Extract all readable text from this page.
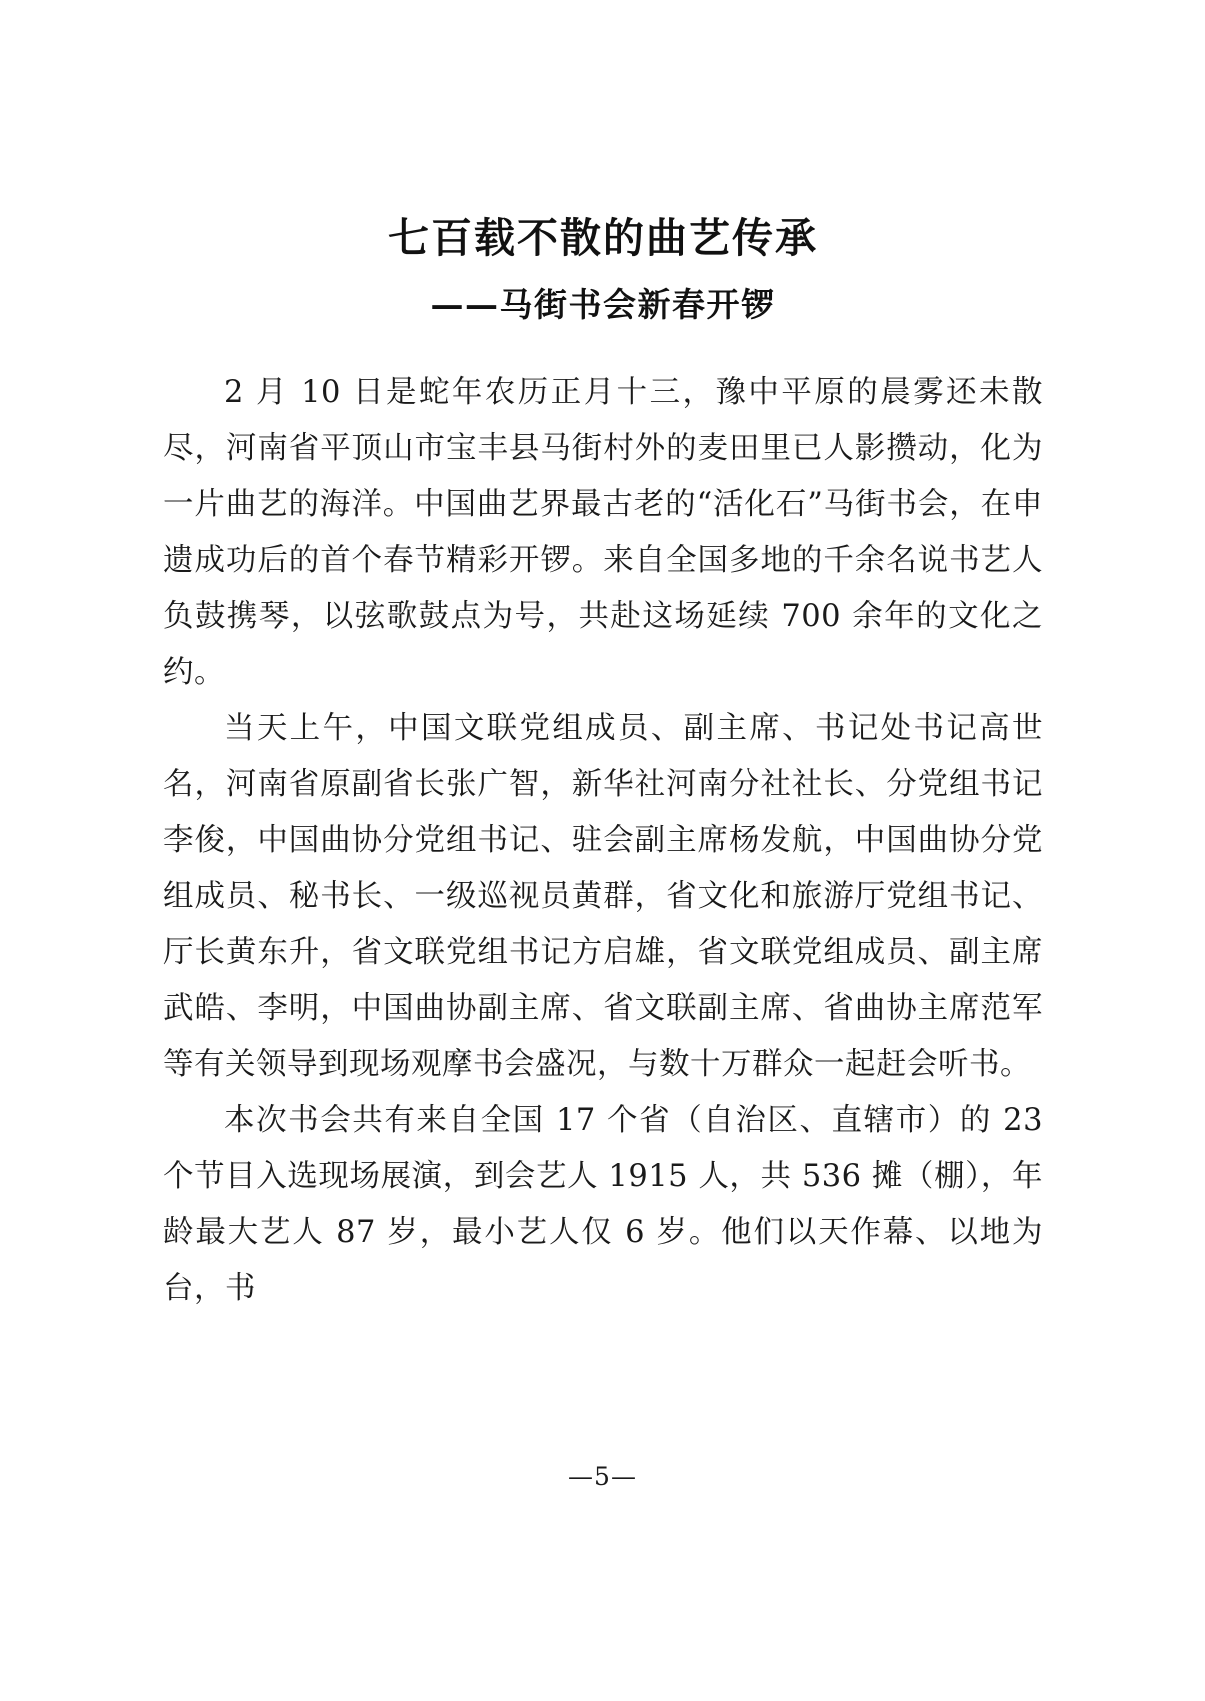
七百载不散的曲艺传承
——马街书会新春开锣

2 月 10 日是蛇年农历正月十三，豫中平原的晨雾还未散尽，河南省平顶山市宝丰县马街村外的麦田里已人影攒动，化为一片曲艺的海洋。中国曲艺界最古老的“活化石”马街书会，在申遗成功后的首个春节精彩开锣。来自全国多地的千余名说书艺人负鼓携琴，以弦歌鼓点为号，共赴这场延续 700 余年的文化之约。

当天上午，中国文联党组成员、副主席、书记处书记高世名，河南省原副省长张广智，新华社河南分社社长、分党组书记李俊，中国曲协分党组书记、驻会副主席杨发航，中国曲协分党组成员、秘书长、一级巡视员黄群，省文化和旅游厅党组书记、厅长黄东升，省文联党组书记方启雄，省文联党组成员、副主席武皓、李明，中国曲协副主席、省文联副主席、省曲协主席范军等有关领导到现场观摩书会盛况，与数十万群众一起赶会听书。

本次书会共有来自全国 17 个省（自治区、直辖市）的 23 个节目入选现场展演，到会艺人 1915 人，共 536 摊（棚），年龄最大艺人 87 岁，最小艺人仅 6 岁。他们以天作幕、以地为台，书

—5—
